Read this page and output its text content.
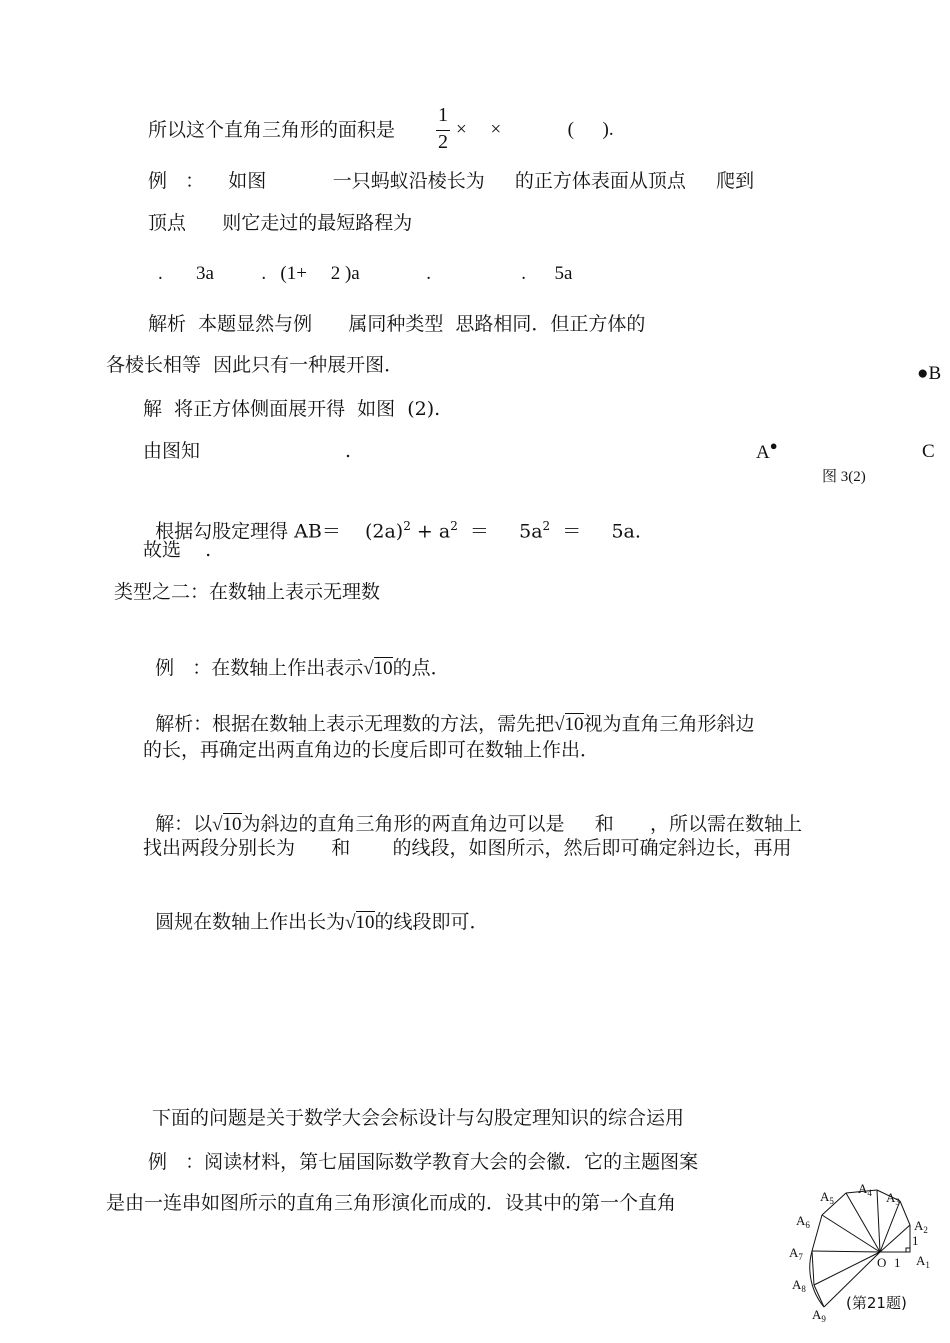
所以这个直角三角形的面积是
1
2
×     ×              (      ).
例   ：    如图           一只蚂蚁沿棱长为     的正方体表面从顶点     爬到
顶点      则它走过的最短路程为
.       3a          .   (1+     2 )a              .                   .      5a
解析  本题显然与例      属同种类型  思路相同．但正方体的
各棱长相等  因此只有一种展开图．
解  将正方体侧面展开得  如图  (2).
由图知                        .

根据勾股定理得 AB＝    $(2a)^2 + a^2$  ＝     $5a^2$  ＝     5a.

故选    .
类型之二：在数轴上表示无理数

例   ：在数轴上作出表示√10的点．

解析：根据在数轴上表示无理数的方法，需先把√10视为直角三角形斜边

的长，再确定出两直角边的长度后即可在数轴上作出．

解：以√10为斜边的直角三角形的两直角边可以是     和      ，所以需在数轴上

找出两段分别长为      和       的线段，如图所示，然后即可确定斜边长，再用

圆规在数轴上作出长为√10的线段即可．

下面的问题是关于数学大会会标设计与勾股定理知识的综合运用
例   ：阅读材料，第七届国际数学教育大会的会徽．它的主题图案
是由一连串如图所示的直角三角形演化而成的．设其中的第一个直角
●B
A●	C
图 3(2)
$A_1$
$A_2$
$A_3$
$A_4$
$A_5$
$A_6$
$A_7$
$A_8$
$A_9$
O 1
1
(第21题)
